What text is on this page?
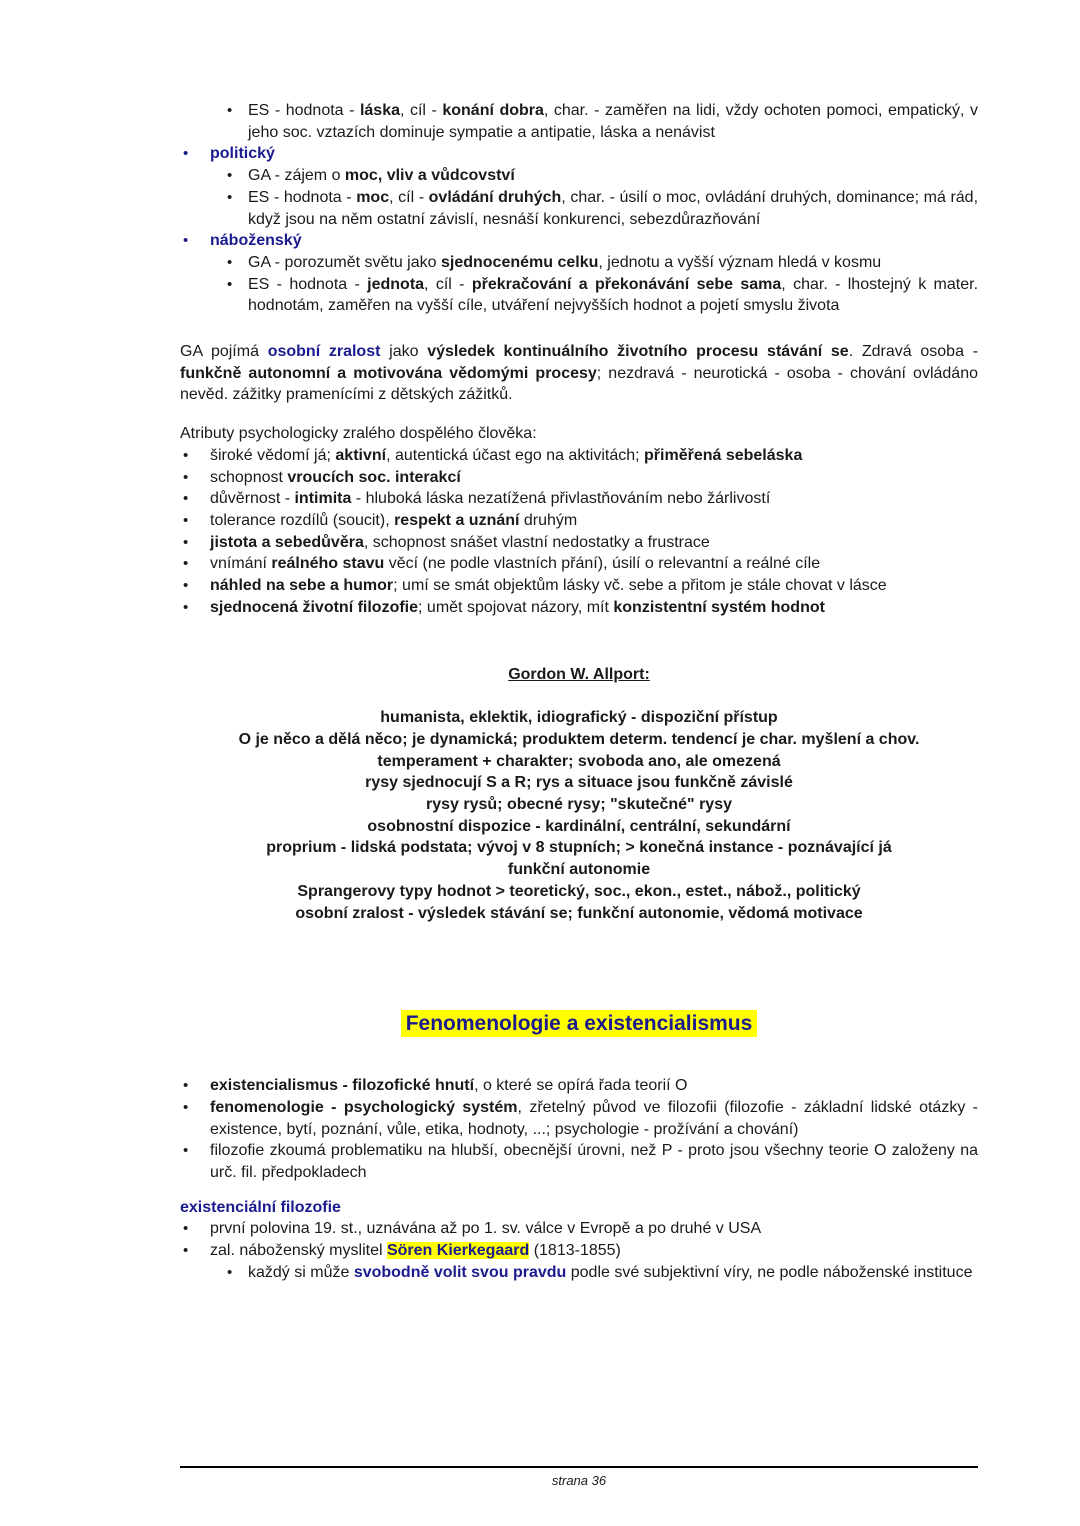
• ES - hodnota - láska, cíl - konání dobra, char. - zaměřen na lidi, vždy ochoten pomoci, empatický, v jeho soc. vztazích dominuje sympatie a antipatie, láska a nenávist
• politický
• GA - zájem o moc, vliv a vůdcovství
• ES - hodnota - moc, cíl - ovládání druhých, char. - úsilí o moc, ovládání druhých, dominance; má rád, když jsou na něm ostatní závislí, nesnáší konkurenci, sebezdůrazňování
• náboženský
• GA - porozumět světu jako sjednocenému celku, jednotu a vyšší význam hledá v kosmu
• ES - hodnota - jednota, cíl - překračování a překonávání sebe sama, char. - lhostejný k mater. hodnotám, zaměřen na vyšší cíle, utváření nejvyšších hodnot a pojetí smyslu života
GA pojímá osobní zralost jako výsledek kontinuálního životního procesu stávání se. Zdravá osoba - funkčně autonomní a motivována vědomými procesy; nezdravá - neurotická - osoba - chování ovládáno nevěd. zážitky pramenícími z dětských zážitků.
Atributy psychologicky zralého dospělého člověka:
• široké vědomí já; aktivní, autentická účast ego na aktivitách; přiměřená sebeláska
• schopnost vroucích soc. interakcí
• důvěrnost - intimita - hluboká láska nezatížená přivlastňováním nebo žárlivostí
• tolerance rozdílů (soucit), respekt a uznání druhým
• jistota a sebedůvěra, schopnost snášet vlastní nedostatky a frustrace
• vnímání reálného stavu věcí (ne podle vlastních přání), úsilí o relevantní a reálné cíle
• náhled na sebe a humor; umí se smát objektům lásky vč. sebe a přitom je stále chovat v lásce
• sjednocená životní filozofie; umět spojovat názory, mít konzistentní systém hodnot
Gordon W. Allport:
humanista, eklektik, idiografický - dispoziční přístup
O je něco a dělá něco; je dynamická; produktem determ. tendencí je char. myšlení a chov.
temperament + charakter; svoboda ano, ale omezená
rysy sjednocují S a R; rys a situace jsou funkčně závislé
rysy rysů; obecné rysy; "skutečné" rysy
osobnostní dispozice - kardinální, centrální, sekundární
proprium - lidská podstata; vývoj v 8 stupních; > konečná instance - poznávající já
funkční autonomie
Sprangerovy typy hodnot > teoretický, soc., ekon., estet., nábož., politický
osobní zralost - výsledek stávání se; funkční autonomie, vědomá motivace
Fenomenologie a existencialismus
• existencialismus - filozofické hnutí, o které se opírá řada teorií O
• fenomenologie - psychologický systém, zřetelný původ ve filozofii (filozofie - základní lidské otázky - existence, bytí, poznání, vůle, etika, hodnoty, ...; psychologie - prožívání a chování)
• filozofie zkoumá problematiku na hlubší, obecnější úrovni, než P - proto jsou všechny teorie O založeny na urč. fil. předpokladech
existenciální filozofie
• první polovina 19. st., uznávána až po 1. sv. válce v Evropě a po druhé v USA
• zal. náboženský myslitel Sören Kierkegaard (1813-1855)
• každý si může svobodně volit svou pravdu podle své subjektivní víry, ne podle náboženské instituce
strana 36
